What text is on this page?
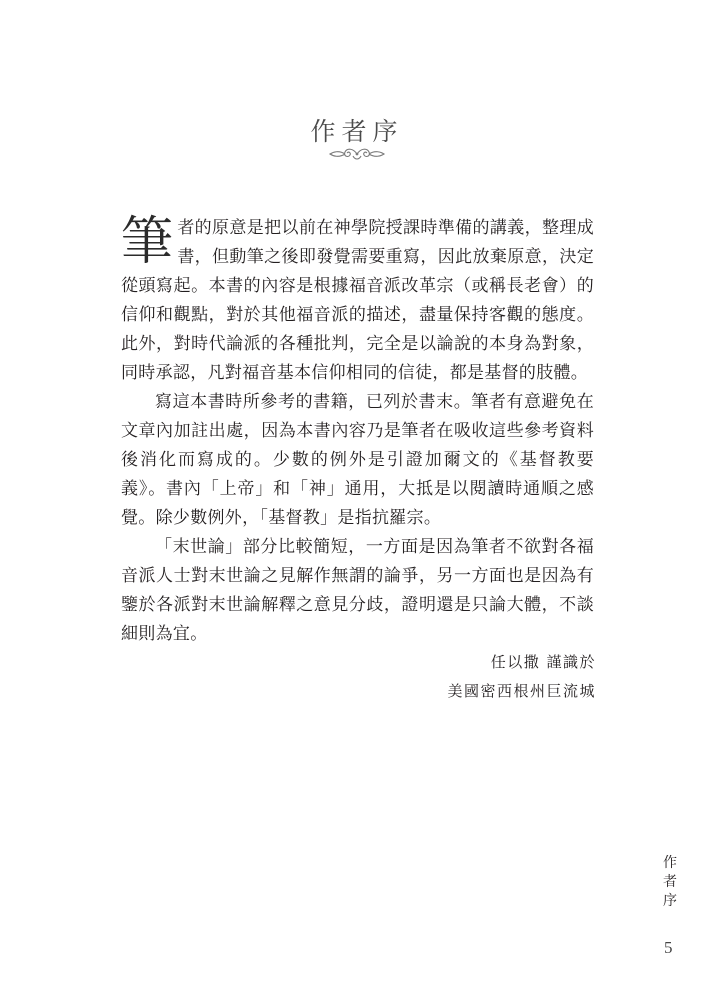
作者序

筆者的原意是把以前在神學院授課時準備的講義，整理成書，但動筆之後即發覺需要重寫，因此放棄原意，決定從頭寫起。本書的內容是根據福音派改革宗（或稱長老會）的信仰和觀點，對於其他福音派的描述，盡量保持客觀的態度。此外，對時代論派的各種批判，完全是以論說的本身為對象，同時承認，凡對福音基本信仰相同的信徒，都是基督的肢體。

寫這本書時所參考的書籍，已列於書末。筆者有意避免在文章內加註出處，因為本書內容乃是筆者在吸收這些參考資料後消化而寫成的。少數的例外是引證加爾文的《基督教要義》。書內「上帝」和「神」通用，大抵是以閱讀時通順之感覺。除少數例外，「基督教」是指抗羅宗。

「末世論」部分比較簡短，一方面是因為筆者不欲對各福音派人士對末世論之見解作無謂的論爭，另一方面也是因為有鑒於各派對末世論解釋之意見分歧，證明還是只論大體，不談細則為宜。

任以撒 謹識於
美國密西根州巨流城
作
者
序
5
